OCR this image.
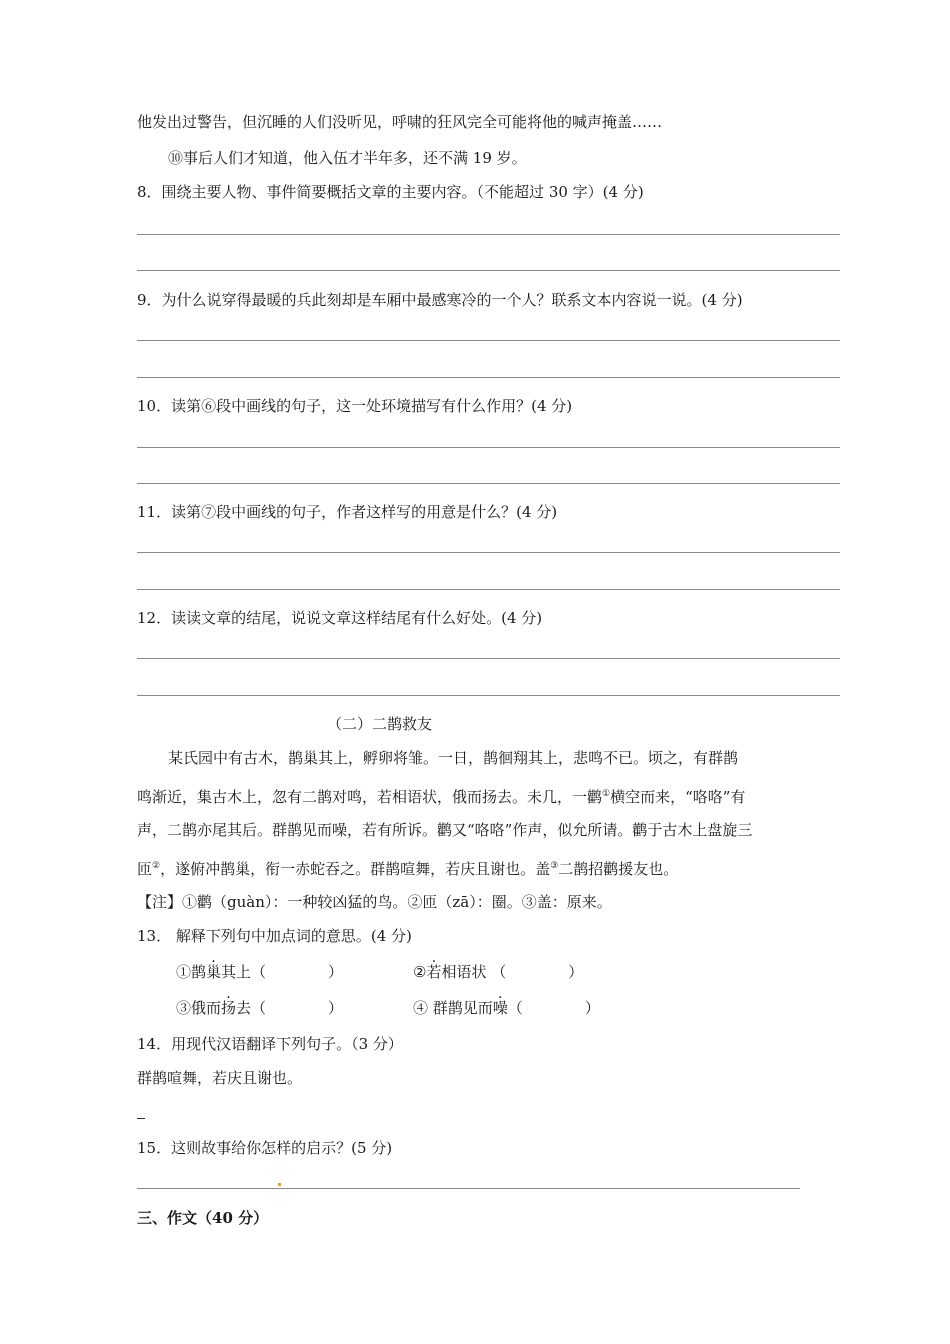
他发出过警告，但沉睡的人们没听见，呼啸的狂风完全可能将他的喊声掩盖……
⑩事后人们才知道，他入伍才半年多，还不满 19 岁。
8．围绕主要人物、事件简要概括文章的主要内容。（不能超过 30 字）(4 分)
9．为什么说穿得最暖的兵此刻却是车厢中最感寒冷的一个人？联系文本内容说一说。(4 分)
10．读第⑥段中画线的句子，这一处环境描写有什么作用？(4 分)
11．读第⑦段中画线的句子，作者这样写的用意是什么？(4 分)
12．读读文章的结尾，说说文章这样结尾有什么好处。(4 分)
（二）二鹊救友
某氏园中有古木，鹊巢其上，孵卵将雏。一日，鹊徊翔其上，悲鸣不已。顷之，有群鹊
鸣渐近，集古木上，忽有二鹊对鸣，若相语状，俄而扬去。未几，一鹳①横空而来，“咯咯”有
声，二鹊亦尾其后。群鹊见而噪，若有所诉。鹳又“咯咯”作声，似允所请。鹳于古木上盘旋三
匝②，遂俯冲鹊巢，衔一赤蛇吞之。群鹊喧舞，若庆且谢也。盖③二鹊招鹳援友也。
【注】①鹳（guàn）：一种较凶猛的鸟。②匝（zā）：圈。③盖：原来。
13． 解释下列句中加点词的意思。(4 分)
①鹊巢其上（	）	②若相语状 （	）
③俄而扬去（	）	④ 群鹊见而噪（	）
14．用现代汉语翻译下列句子。（3 分）
群鹊喧舞，若庆且谢也。
15．这则故事给你怎样的启示？(5 分)
三、作文（40 分）
